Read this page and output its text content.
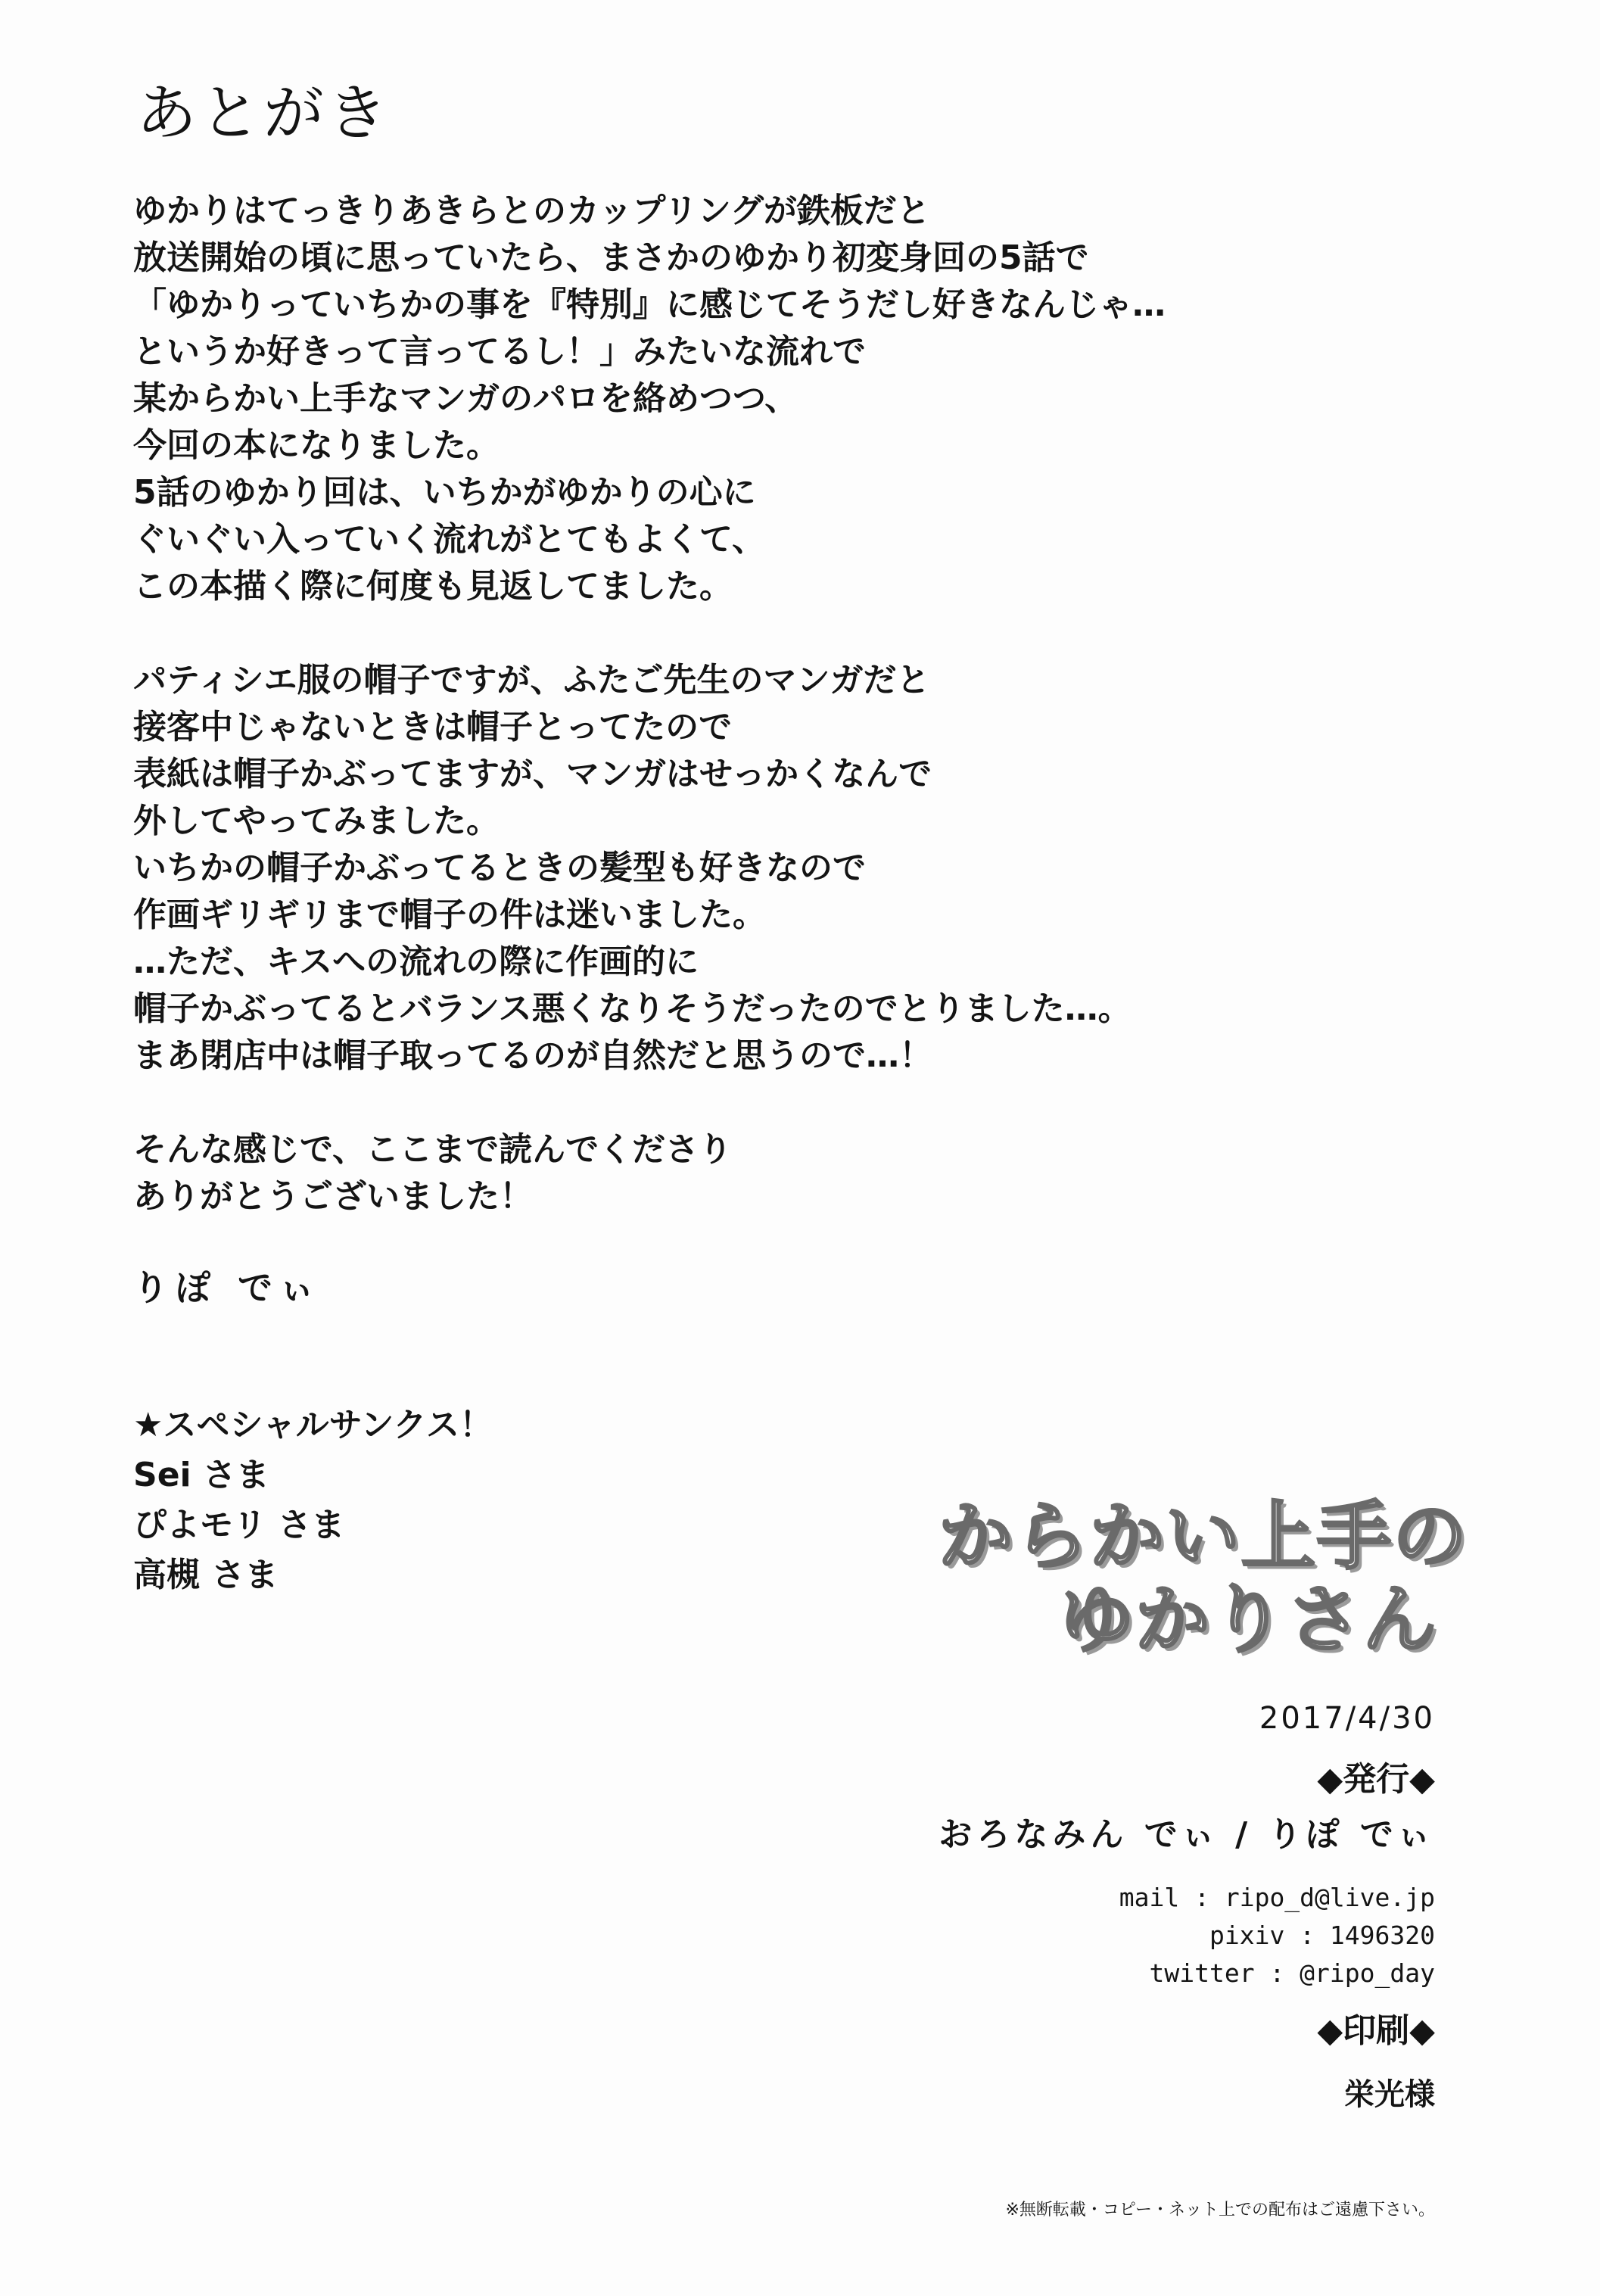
あとがき
ゆかりはてっきりあきらとのカップリングが鉄板だと
放送開始の頃に思っていたら、まさかのゆかり初変身回の5話で
「ゆかりっていちかの事を『特別』に感じてそうだし好きなんじゃ…
というか好きって言ってるし！」みたいな流れで
某からかい上手なマンガのパロを絡めつつ、
今回の本になりました。
5話のゆかり回は、いちかがゆかりの心に
ぐいぐい入っていく流れがとてもよくて、
この本描く際に何度も見返してました。
パティシエ服の帽子ですが、ふたご先生のマンガだと
接客中じゃないときは帽子とってたので
表紙は帽子かぶってますが、マンガはせっかくなんで
外してやってみました。
いちかの帽子かぶってるときの髪型も好きなので
作画ギリギリまで帽子の件は迷いました。
…ただ、キスへの流れの際に作画的に
帽子かぶってるとバランス悪くなりそうだったのでとりました…。
まあ閉店中は帽子取ってるのが自然だと思うので…！
そんな感じで、ここまで読んでくださり
ありがとうございました！
りぽ でぃ
★スペシャルサンクス！
Sei さま
ぴよモリ さま
高槻 さま	からかい上手の
ゆかりさん
2017/4/30
◆発行◆
おろなみん でぃ / りぽ でぃ
mail : ripo_d@live.jp
pixiv : 1496320
twitter : @ripo_day
◆印刷◆
栄光様
※無断転載・コピー・ネット上での配布はご遠慮下さい。
